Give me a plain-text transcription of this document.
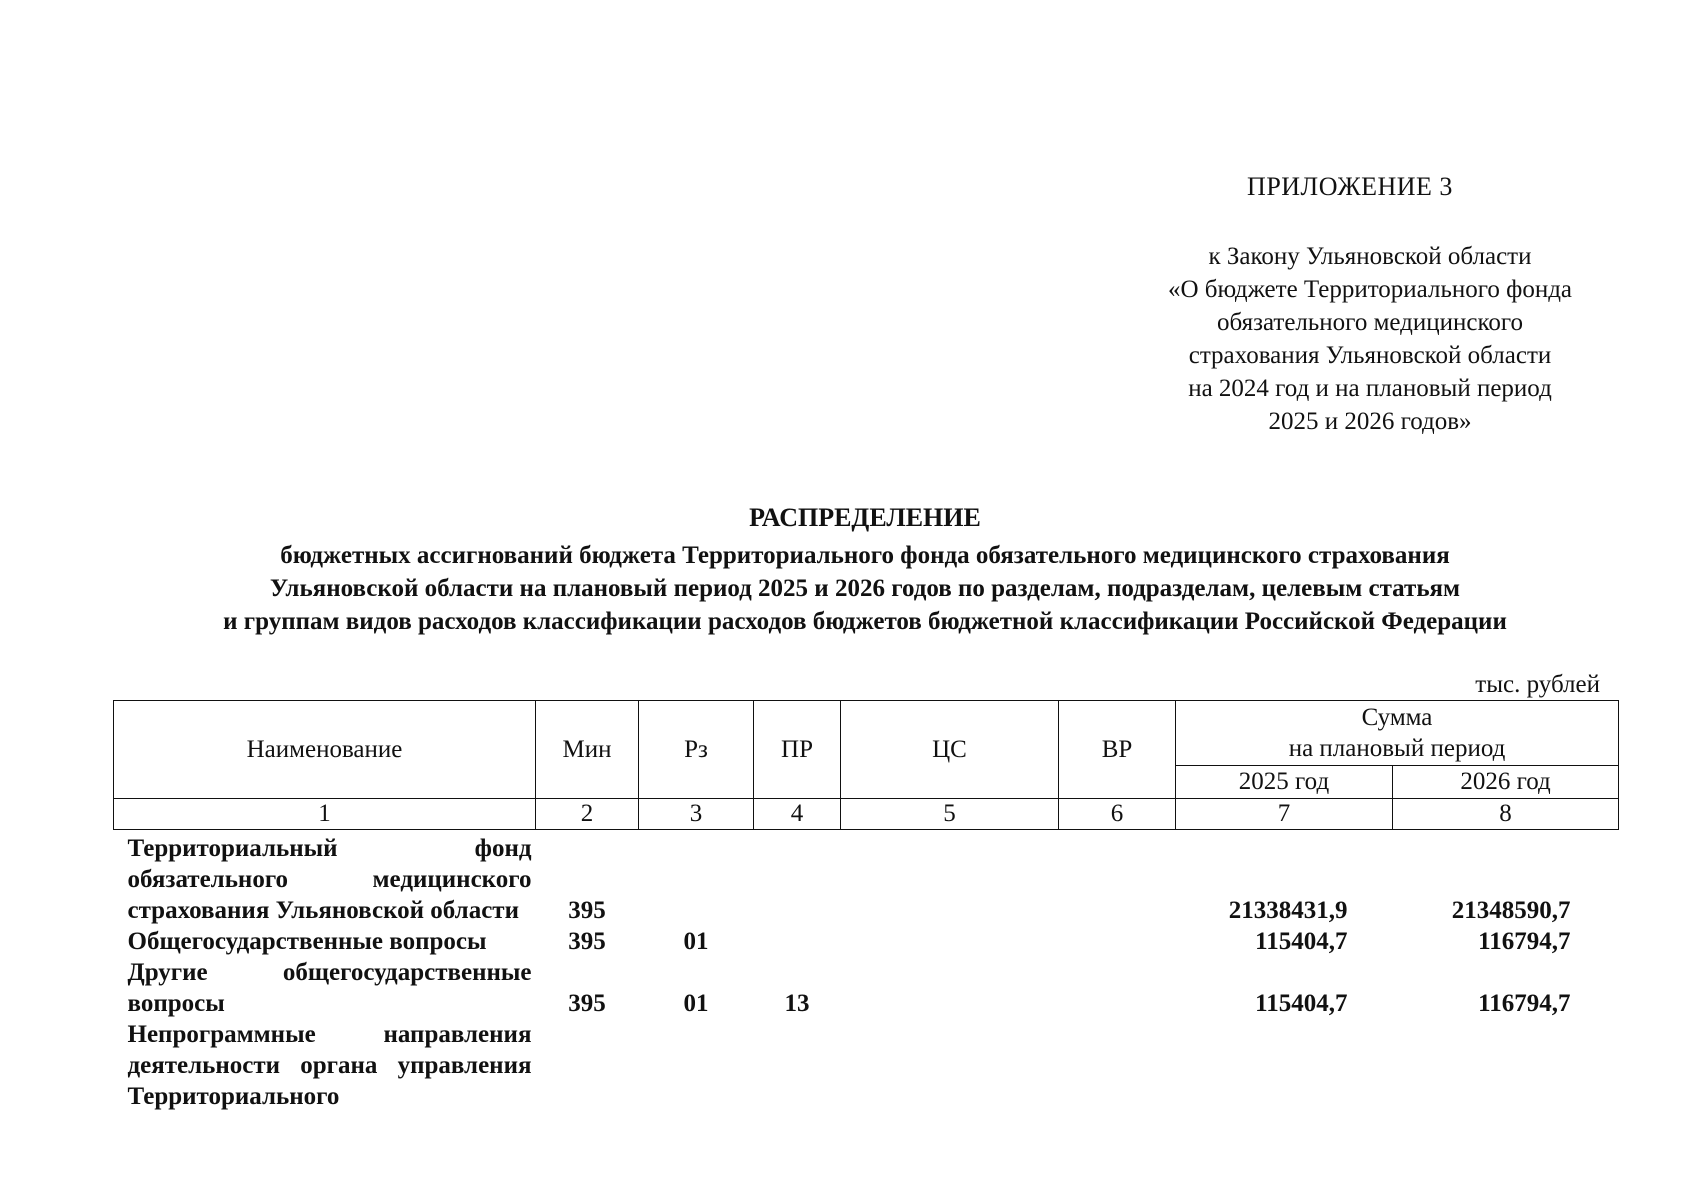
ПРИЛОЖЕНИЕ 3
к Закону Ульяновской области
«О бюджете Территориального фонда
обязательного медицинского
страхования Ульяновской области
на 2024 год и на плановый период
2025 и 2026 годов»
РАСПРЕДЕЛЕНИЕ
бюджетных ассигнований бюджета Территориального фонда обязательного медицинского страхования
Ульяновской области на плановый период 2025 и 2026 годов по разделам, подразделам, целевым статьям
и группам видов расходов классификации расходов бюджетов бюджетной классификации Российской Федерации
тыс. рублей
Наименование	Мин	Рз	ПР	ЦС	ВР	Сумма
на плановый период	

						2025 год	2026 год
1	2	3	4	5	6	7	8
Территориальный фонд обязательного медицинского страхования Ульяновской области	395					21338431,9	21348590,7
Общегосударственные вопросы	395	01				115404,7	116794,7
Другие общегосударственные вопросы	395	01	13			115404,7	116794,7
Непрограммные направления деятельности органа управления Территориального							
